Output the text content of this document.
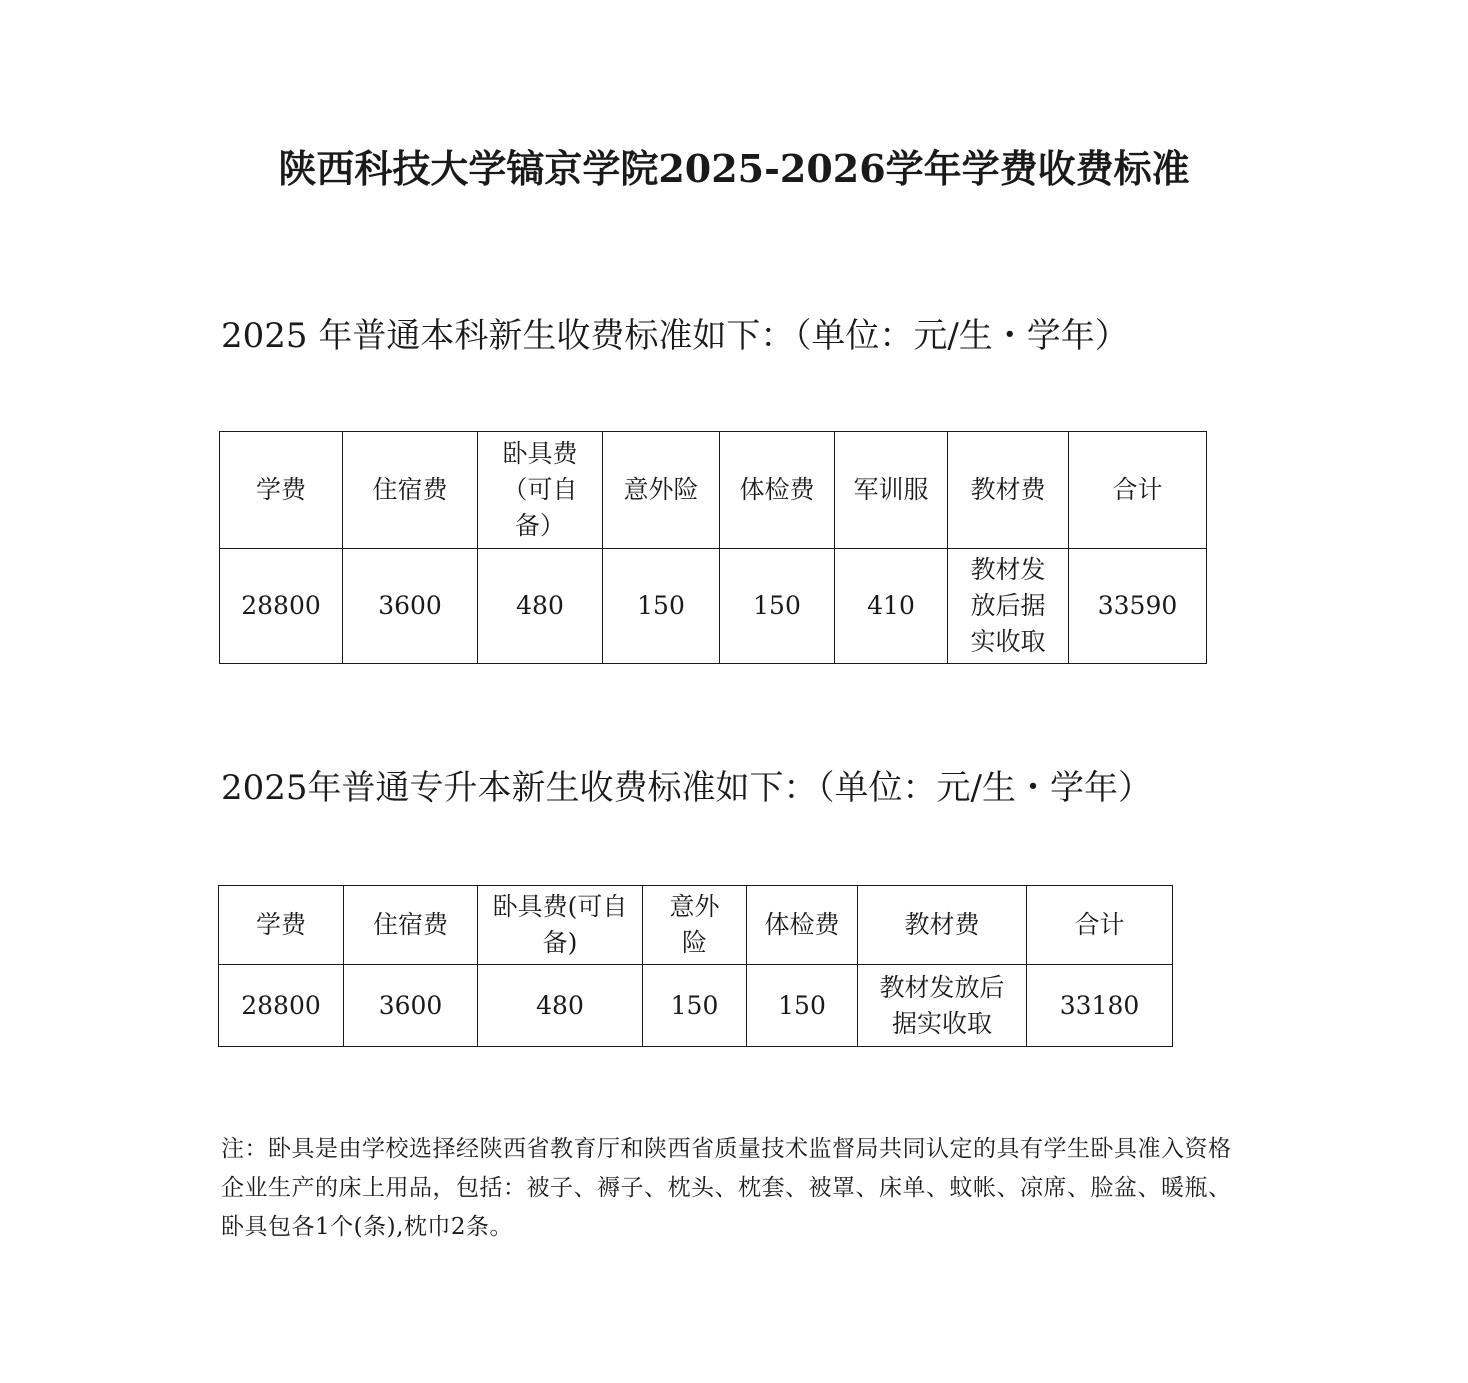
陕西科技大学镐京学院2025-2026学年学费收费标准
2025 年普通本科新生收费标准如下：（单位：元/生・学年）
学费	住宿费	卧具费（可自备）	意外险	体检费	军训服	教材费	合计
28800	3600	480	150	150	410	教材发放后据实收取	33590
2025年普通专升本新生收费标准如下：（单位：元/生・学年）
学费	住宿费	卧具费(可自备)	意外险	体检费	教材费	合计
28800	3600	480	150	150	教材发放后据实收取	33180
注：卧具是由学校选择经陕西省教育厅和陕西省质量技术监督局共同认定的具有学生卧具准入资格企业生产的床上用品，包括：被子、褥子、枕头、枕套、被罩、床单、蚊帐、凉席、脸盆、暖瓶、卧具包各1个(条),枕巾2条。
